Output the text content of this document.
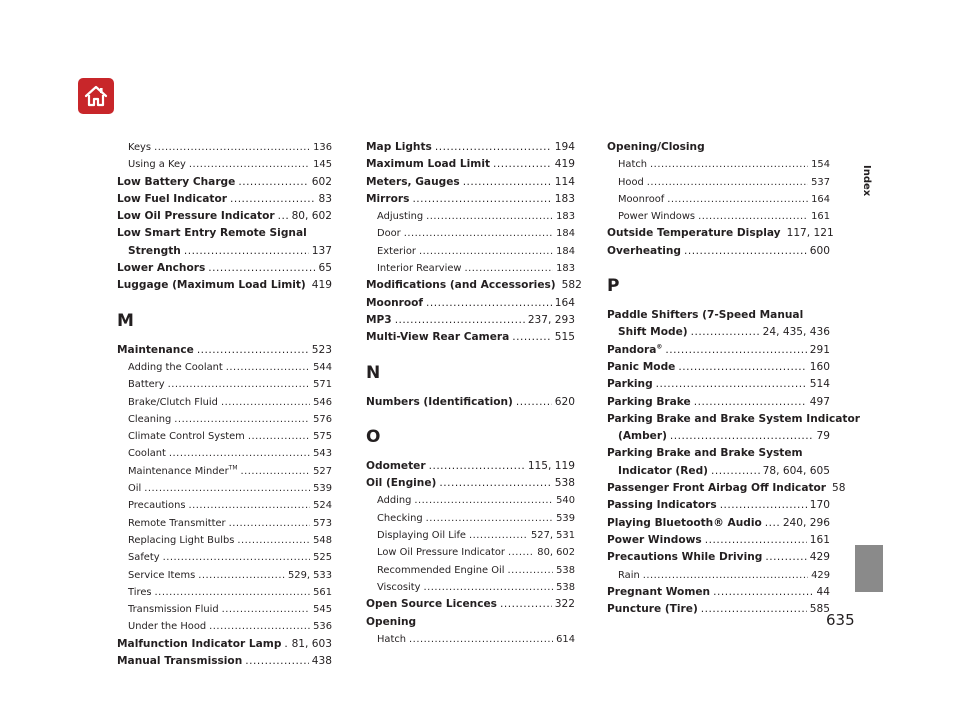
Keys .....	136
Using a Key .....	145
Low Battery Charge .....	602
Low Fuel Indicator .....	83
Low Oil Pressure Indicator ..... 80, 602
Low Smart Entry Remote Signal
Strength .....	137
Lower Anchors .....	65
Luggage (Maximum Load Limit) 419
M
Maintenance .....	523
Adding the Coolant .....	544
Battery .....	571
Brake/Clutch Fluid .....	546
Cleaning .....	576
Climate Control System .....	575
Coolant .....	543
Maintenance Minder™ .....	527
Oil .....	539
Precautions .....	524
Remote Transmitter .....	573
Replacing Light Bulbs .....	548
Safety .....	525
Service Items .....	529, 533
Tires .....	561
Transmission Fluid .....	545
Under the Hood .....	536
Malfunction Indicator Lamp ..... 81, 603
Manual Transmission .....	438
Map Lights .....	194
Maximum Load Limit .....	419
Meters, Gauges .....	114
Mirrors .....	183
Adjusting .....	183
Door .....	184
Exterior .....	184
Interior Rearview .....	183
Modifications (and Accessories) 582
Moonroof .....	164
MP3 .....	237, 293
Multi-View Rear Camera .....	515
N
Numbers (Identification) .....	620
O
Odometer .....	115, 119
Oil (Engine) .....	538
Adding .....	540
Checking .....	539
Displaying Oil Life .....	527, 531
Low Oil Pressure Indicator .....	80, 602
Recommended Engine Oil .....	538
Viscosity .....	538
Open Source Licences .....	322
Opening
Hatch .....	614
Opening/Closing
Hatch .....	154
Hood .....	537
Moonroof .....	164
Power Windows .....	161
Outside Temperature Display 117, 121
Overheating .....	600
P
Paddle Shifters (7-Speed Manual
Shift Mode) .....	24, 435, 436
Pandora® .....	291
Panic Mode .....	160
Parking .....	514
Parking Brake .....	497
Parking Brake and Brake System Indicator
(Amber) .....	79
Parking Brake and Brake System
Indicator (Red) .....	78, 604, 605
Passenger Front Airbag Off Indicator 58
Passing Indicators .....	170
Playing Bluetooth® Audio ..... 240, 296
Power Windows .....	161
Precautions While Driving .....	429
Rain .....	429
Pregnant Women .....	44
Puncture (Tire) .....	585
Index
635
